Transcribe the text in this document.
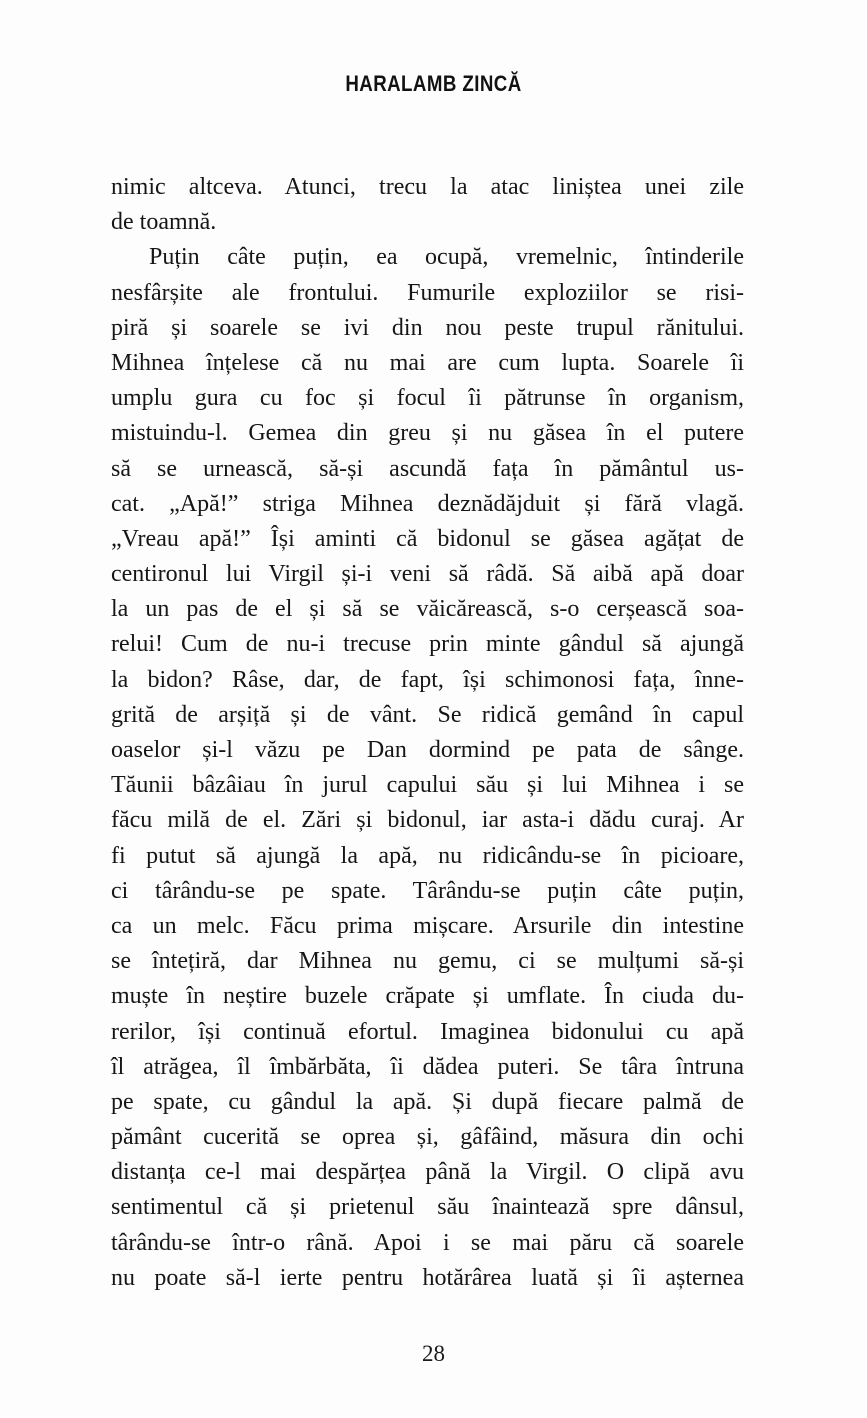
HARALAMB ZINCĂ
nimic altceva. Atunci, trecu la atac liniștea unei zile
de toamnă.
Puțin câte puțin, ea ocupă, vremelnic, întinderile
nesfârșite ale frontului. Fumurile exploziilor se risi-
piră și soarele se ivi din nou peste trupul rănitului.
Mihnea înțelese că nu mai are cum lupta. Soarele îi
umplu gura cu foc și focul îi pătrunse în organism,
mistuindu-l. Gemea din greu și nu găsea în el putere
să se urnească, să-și ascundă fața în pământul us-
cat. „Apă!” striga Mihnea deznădăjduit și fără vlagă.
„Vreau apă!” Își aminti că bidonul se găsea agățat de
centironul lui Virgil și-i veni să râdă. Să aibă apă doar
la un pas de el și să se văicărească, s-o cerșească soa-
relui! Cum de nu-i trecuse prin minte gândul să ajungă
la bidon? Râse, dar, de fapt, își schimonosi fața, înne-
grită de arșiță și de vânt. Se ridică gemând în capul
oaselor și-l văzu pe Dan dormind pe pata de sânge.
Tăunii bâzâiau în jurul capului său și lui Mihnea i se
făcu milă de el. Zări și bidonul, iar asta-i dădu curaj. Ar
fi putut să ajungă la apă, nu ridicându-se în picioare,
ci târându-se pe spate. Târându-se puțin câte puțin,
ca un melc. Făcu prima mișcare. Arsurile din intestine
se întețiră, dar Mihnea nu gemu, ci se mulțumi să-și
muște în neștire buzele crăpate și umflate. În ciuda du-
rerilor, își continuă efortul. Imaginea bidonului cu apă
îl atrăgea, îl îmbărbăta, îi dădea puteri. Se târa întruna
pe spate, cu gândul la apă. Și după fiecare palmă de
pământ cucerită se oprea și, gâfâind, măsura din ochi
distanța ce-l mai despărțea până la Virgil. O clipă avu
sentimentul că și prietenul său înaintează spre dânsul,
târându-se într-o rână. Apoi i se mai păru că soarele
nu poate să-l ierte pentru hotărârea luată și îi așternea
28
